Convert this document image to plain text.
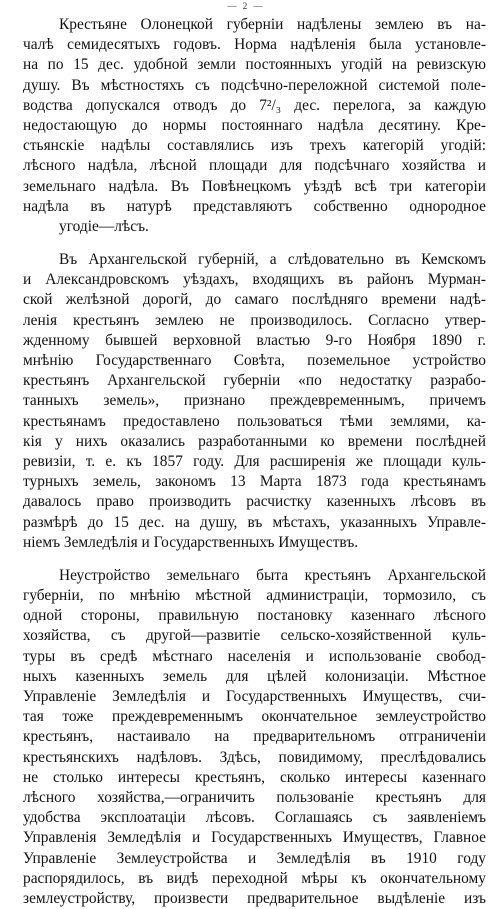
— 2 —
Крестьяне Олонецкой губерніи надѣлены землею въ на-
чалѣ семидесятыхъ годовъ. Норма надѣленія была установле-
на по 15 дес. удобной земли постоянныхъ угодій на ревизскую
душу. Въ мѣстностяхъ съ подсѣчно-переложной системой поле-
водства допускался отводъ до 7²/₃ дес. перелога, за каждую
недостающую до нормы постояннаго надѣла десятину. Кре-
стьянскіе надѣлы составлялись изъ трехъ категорій угодій:
лѣсного надѣла, лѣсной площади для подсѣчнаго хозяйства и
земельнаго надѣла. Въ Повѣнецкомъ уѣздѣ всѣ три категоріи
надѣла въ натурѣ представляютъ собственно однородное
угодіе—лѣсъ.
Въ Архангельской губерній, а слѣдовательно въ Кемскомъ
и Александровскомъ уѣздахъ, входящихъ въ районъ Мурман-
ской желѣзной дорогй, до самаго послѣдняго времени надѣ-
ленія крестьянъ землею не производилось. Согласно утвер-
жденному бывшей верховной властью 9-го Ноября 1890 г.
мнѣнію Государственнаго Совѣта, поземельное устройство
крестьянъ Архангельской губерніи «по недостатку разрабо-
танныхъ земель», признано преждевременнымъ, причемъ
крестьянамъ предоставлено пользоваться тѣми землями, ка-
кія у нихъ оказались разработанными ко времени послѣдней
ревизіи, т. е. къ 1857 году. Для расширенія же площади куль-
турныхъ земель, закономъ 13 Марта 1873 года крестьянамъ
давалось право производить расчистку казенныхъ лѣсовъ въ
размѣрѣ до 15 дес. на душу, въ мѣстахъ, указанныхъ Управле-
ніемъ Земледѣлія и Государственныхъ Имуществъ.
Неустройство земельнаго быта крестьянъ Архангельской
губерніи, по мнѣнію мѣстной администраціи, тормозило, съ
одной стороны, правильную постановку казеннаго лѣсного
хозяйства, съ другой—развитіе сельско-хозяйственной куль-
туры въ средѣ мѣстнаго населенія и использованіе свобод-
ныхъ казенныхъ земель для цѣлей колонизаціи. Мѣстное
Управленіе Земледѣлія и Государственныхъ Имуществъ, счи-
тая тоже преждевременнымъ окончательное землеустройство
крестьянъ, настаивало на предварительномъ отграниченіи
крестьянскихъ надѣловъ. Здѣсь, повидимому, преслѣдовались
не столько интересы крестьянъ, сколько интересы казеннаго
лѣсного хозяйства,—ограничить пользованіе крестьянъ для
удобства эксплоатаціи лѣсовъ. Соглашаясь съ заявленіемъ
Управленія Земледѣлія и Государственныхъ Имуществъ, Главное
Управленіе Землеустройства и Земледѣлія въ 1910 году
распорядилось, въ видѣ переходной мѣры къ окончательному
землеустройству, произвести предварительное выдѣленіе изъ
